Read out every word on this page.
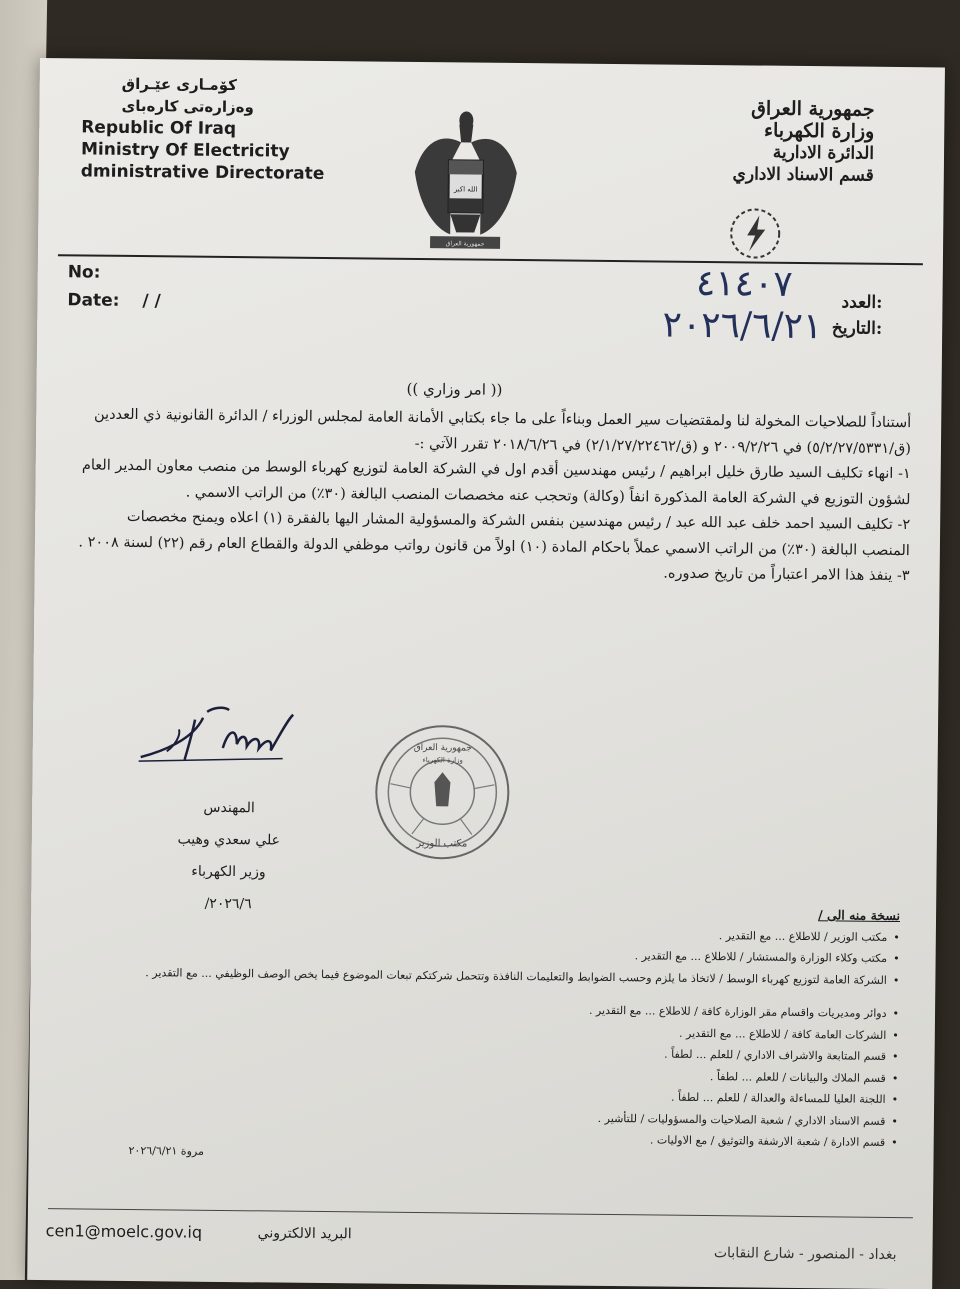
كۆمـارى عێـراق
وەزارەتى كارەباى
Republic Of Iraq
Ministry Of Electricity
dministrative Directorate
الله اكبر
جمهورية العراق
جمهورية العراق
وزارة الكهرباء
الدائرة الادارية
قسم الاسناد الاداري
No:
Date: / /	:العدد
:التاريخ
٤١٤٠٧
٢٠٢٦/٦/٢١
(( امر وزاري ))

أستناداً للصلاحيات المخولة لنا ولمقتضيات سير العمل وبناءاً على ما جاء بكتابي الأمانة العامة لمجلس الوزراء / الدائرة القانونية ذي العددين (ق/٥/٢/٢٧/٥٣٣١) في ٢٠٠٩/٢/٢٦ و (ق/٢/١/٢٧/٢٢٤٦٢) في ٢٠١٨/٦/٢٦ تقرر الآتي :-

١- انهاء تكليف السيد طارق خليل ابراهيم / رئيس مهندسين أقدم اول في الشركة العامة لتوزيع كهرباء الوسط من منصب معاون المدير العام لشؤون التوزيع في الشركة العامة المذكورة انفاً (وكالة) وتحجب عنه مخصصات المنصب البالغة (٣٠٪) من الراتب الاسمي .

٢- تكليف السيد احمد خلف عبد الله عبد / رئيس مهندسين بنفس الشركة والمسؤولية المشار اليها بالفقرة (١) اعلاه ويمنح مخصصات المنصب البالغة (٣٠٪) من الراتب الاسمي عملاً باحكام المادة (١٠) اولاً من قانون رواتب موظفي الدولة والقطاع العام رقم (٢٢) لسنة ٢٠٠٨ .

٣- ينفذ هذا الامر اعتباراً من تاريخ صدوره.

Ahmed
المهندس
علي سعدي وهيب
وزير الكهرباء
٢٠٢٦/٦/
جمهورية العراق
وزارة الكهرباء
مكتب الوزير
نسخة منه الى /
• مكتب الوزير / للاطلاع ... مع التقدير .
• مكتب وكلاء الوزارة والمستشار / للاطلاع ... مع التقدير .
• الشركة العامة لتوزيع كهرباء الوسط / لاتخاذ ما يلزم وحسب الضوابط والتعليمات النافذة وتتحمل شركتكم تبعات الموضوع فيما يخص الوصف الوظيفي ... مع التقدير .
• دوائر ومديريات واقسام مقر الوزارة كافة / للاطلاع ... مع التقدير .
• الشركات العامة كافة / للاطلاع ... مع التقدير .
• قسم المتابعة والاشراف الاداري / للعلم ... لطفاً .
• قسم الملاك والبيانات / للعلم ... لطفاً .
• اللجنة العليا للمساءلة والعدالة / للعلم ... لطفاً .
• قسم الاسناد الاداري / شعبة الصلاحيات والمسؤوليات / للتأشير .
• قسم الادارة / شعبة الارشفة والتوثيق / مع الاوليات .
مروة ٢٠٢٦/٦/٢١
cen1@moelc.gov.iq	البريد الالكتروني
بغداد - المنصور - شارع النقابات
